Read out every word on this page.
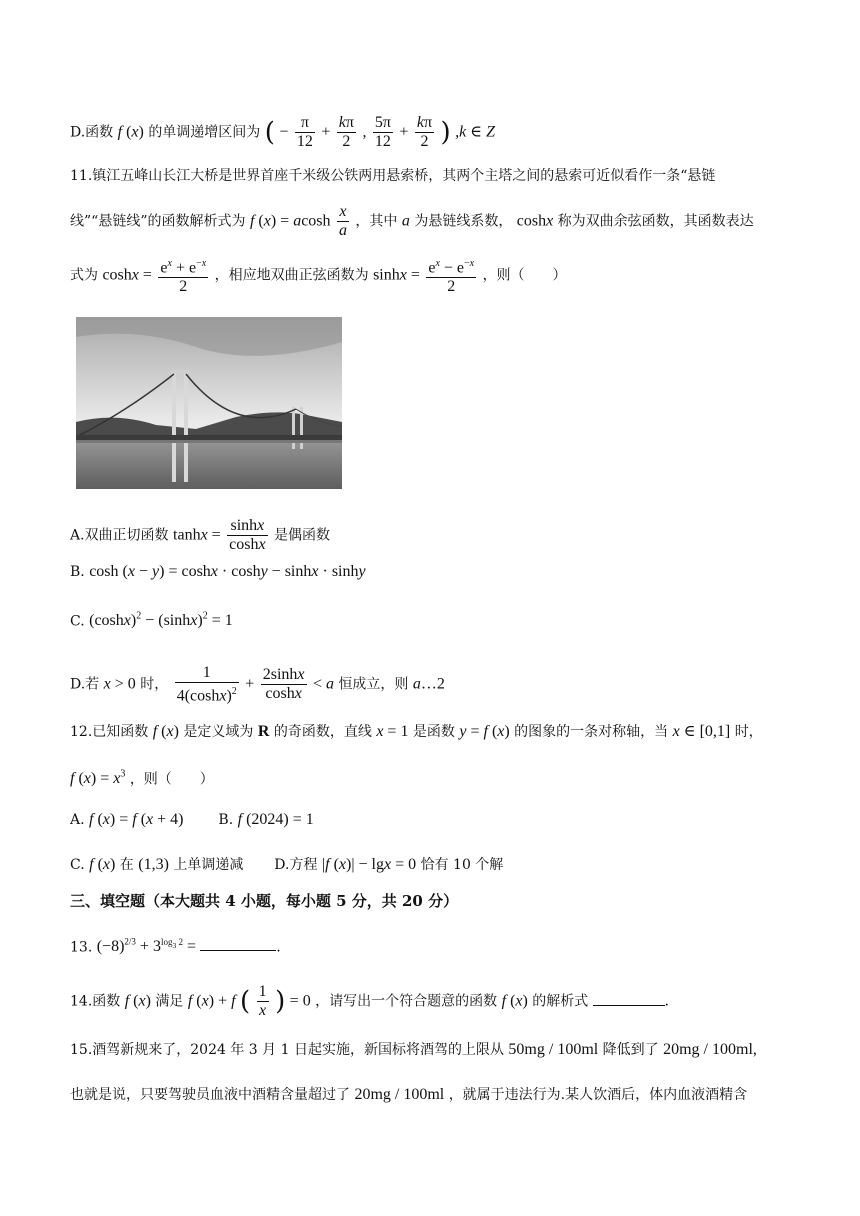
D.函数 f (x) 的单调递增区间为 ( − $\frac{\pi}{12} + \frac{k\pi}{2}$ , $\frac{5\pi}{12} + \frac{k\pi}{2}$ ) ,k ∈ Z
11.镇江五峰山长江大桥是世界首座千米级公铁两用悬索桥，其两个主塔之间的悬索可近似看作一条“悬链
线”“悬链线”的函数解析式为 f (x) = acosh $\frac{x}{a}$ ，其中 a 为悬链线系数， coshx 称为双曲余弦函数，其函数表达
式为 $\cosh x = \frac{e^x + e^{-x}}{2}$ ，相应地双曲正弦函数为 $\sinh x = \frac{e^x - e^{-x}}{2}$ ，则（　　）
A.双曲正切函数 $\tanh x = \frac{\sinh x}{\cosh x}$ 是偶函数
B. cosh (x − y) = coshx · coshy − sinhx · sinhy
C. $(\cosh x)^2 - (\sinh x)^2 = 1$
D.若 x > 0 时， $\frac{1}{4(\cosh x)^2} + \frac{2\sinh x}{\cosh x} < a$ 恒成立，则 a…2
12.已知函数 f (x) 是定义域为 R 的奇函数，直线 x = 1 是函数 y = f (x) 的图象的一条对称轴，当 x ∈ [0,1] 时，
f $(x) = x^3$ ，则（　　）
A. f (x) = f (x + 4) B. f (2024) = 1
C. f (x) 在 (1,3) 上单调递减 D.方程 |f (x)| − lgx = 0 恰有 10 个解
三、填空题（本大题共 4 小题，每小题 5 分，共 20 分）
13. $(-8)^{2/3} + 3^{log_3 2}$ =	.
14.函数 f (x) 满足 f (x) + f ( $\frac{1}{x}$ ) = 0 ，请写出一个符合题意的函数 f (x) 的解析式	.
15.酒驾新规来了，2024 年 3 月 1 日起实施，新国标将酒驾的上限从 50mg / 100ml 降低到了 20mg / 100ml,
也就是说，只要驾驶员血液中酒精含量超过了 20mg / 100ml ，就属于违法行为.某人饮酒后，体内血液酒精含
